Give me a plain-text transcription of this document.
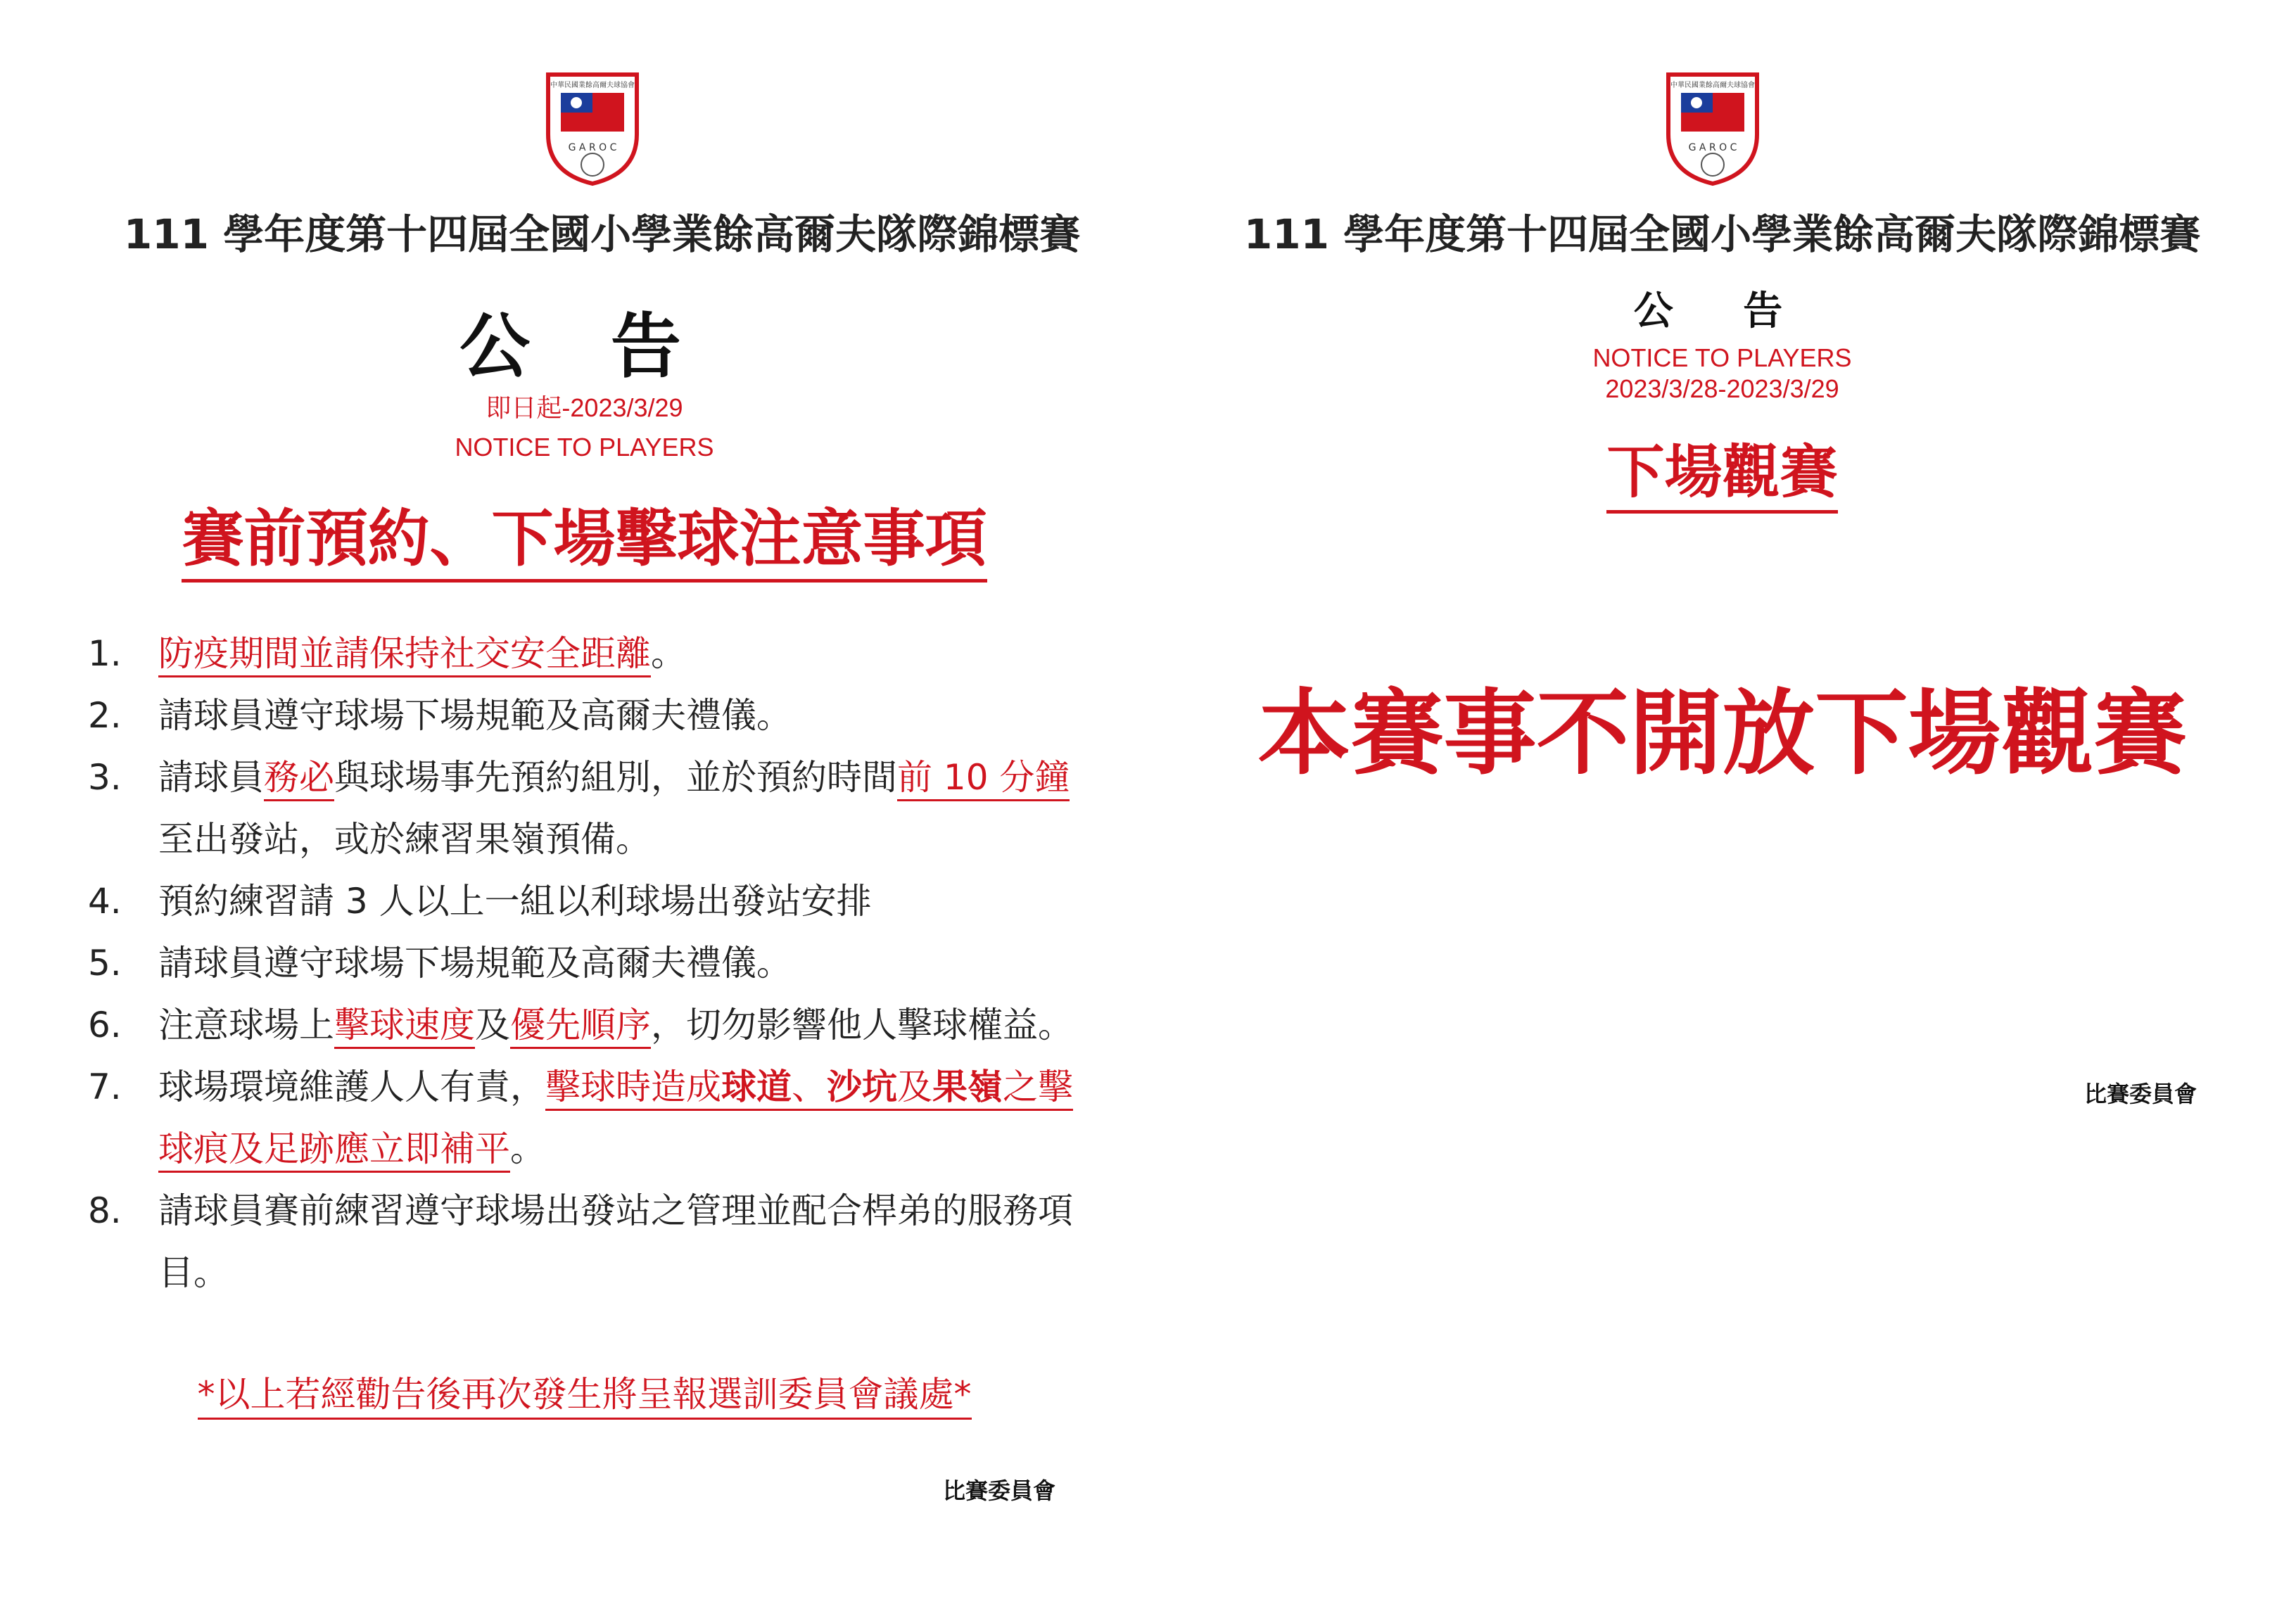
中華民國業餘高爾夫球協會
G A R O C
111 學年度第十四屆全國小學業餘高爾夫隊際錦標賽
公 告
即日起-2023/3/29
NOTICE TO PLAYERS
賽前預約、下場擊球注意事項
1. 防疫期間並請保持社交安全距離。
2. 請球員遵守球場下場規範及高爾夫禮儀。
3. 請球員務必與球場事先預約組別，並於預約時間前 10 分鐘至出發站，或於練習果嶺預備。
4. 預約練習請 3 人以上一組以利球場出發站安排
5. 請球員遵守球場下場規範及高爾夫禮儀。
6. 注意球場上擊球速度及優先順序，切勿影響他人擊球權益。
7. 球場環境維護人人有責，擊球時造成球道、沙坑及果嶺之擊球痕及足跡應立即補平。
8. 請球員賽前練習遵守球場出發站之管理並配合桿弟的服務項目。
*以上若經勸告後再次發生將呈報選訓委員會議處*
比賽委員會
中華民國業餘高爾夫球協會
G A R O C
111 學年度第十四屆全國小學業餘高爾夫隊際錦標賽
公 告
NOTICE TO PLAYERS
2023/3/28-2023/3/29
下場觀賽
本賽事不開放下場觀賽
比賽委員會
